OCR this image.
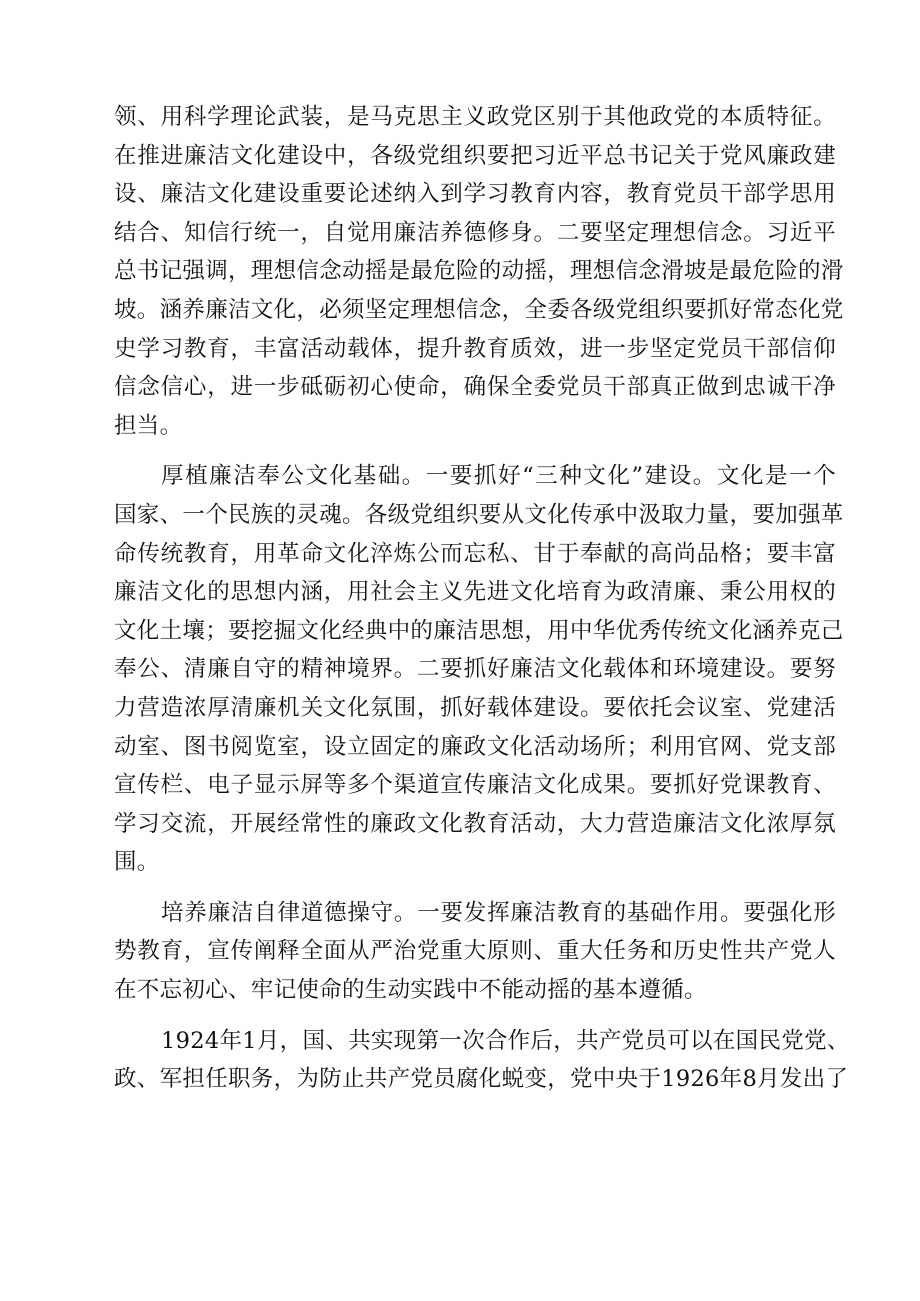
领、用科学理论武装，是马克思主义政党区别于其他政党的本质特征。
在推进廉洁文化建设中，各级党组织要把习近平总书记关于党风廉政建
设、廉洁文化建设重要论述纳入到学习教育内容，教育党员干部学思用
结合、知信行统一，自觉用廉洁养德修身。二要坚定理想信念。习近平
总书记强调，理想信念动摇是最危险的动摇，理想信念滑坡是最危险的滑
坡。涵养廉洁文化，必须坚定理想信念，全委各级党组织要抓好常态化党
史学习教育，丰富活动载体，提升教育质效，进一步坚定党员干部信仰
信念信心，进一步砥砺初心使命，确保全委党员干部真正做到忠诚干净
担当。
厚植廉洁奉公文化基础。一要抓好“三种文化”建设。文化是一个
国家、一个民族的灵魂。各级党组织要从文化传承中汲取力量，要加强革
命传统教育，用革命文化淬炼公而忘私、甘于奉献的高尚品格；要丰富
廉洁文化的思想内涵，用社会主义先进文化培育为政清廉、秉公用权的
文化土壤；要挖掘文化经典中的廉洁思想，用中华优秀传统文化涵养克己
奉公、清廉自守的精神境界。二要抓好廉洁文化载体和环境建设。要努
力营造浓厚清廉机关文化氛围，抓好载体建设。要依托会议室、党建活
动室、图书阅览室，设立固定的廉政文化活动场所；利用官网、党支部
宣传栏、电子显示屏等多个渠道宣传廉洁文化成果。要抓好党课教育、
学习交流，开展经常性的廉政文化教育活动，大力营造廉洁文化浓厚氛
围。
培养廉洁自律道德操守。一要发挥廉洁教育的基础作用。要强化形
势教育，宣传阐释全面从严治党重大原则、重大任务和历史性共产党人
在不忘初心、牢记使命的生动实践中不能动摇的基本遵循。
1924年1月，国、共实现第一次合作后，共产党员可以在国民党党、
政、军担任职务，为防止共产党员腐化蜕变，党中央于1926年8月发出了
